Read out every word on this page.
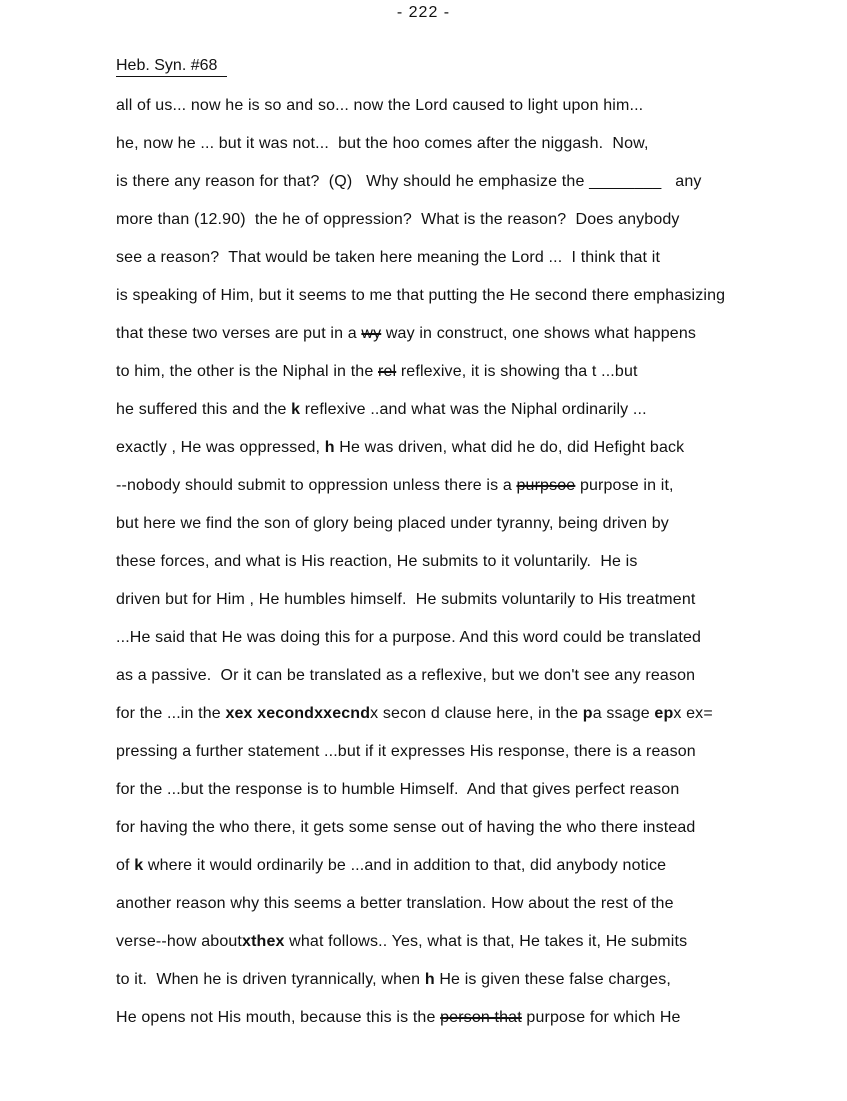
- 222 -
Heb. Syn. #68
all of us... now he is so and so... now the Lord caused to light upon him...
he, now he ... but it was not...  but the hoo comes after the niggash.  Now,
is there any reason for that?  (Q)   Why should he emphasize the ________   any
more than (12.90)  the he of oppression?  What is the reason?  Does anybody
see a reason?  That would be taken here meaning the Lord ...  I think that it
is speaking of Him, but it seems to me that putting the He second there emphasizing
that these two verses are put in a wy way in construct, one shows what happens
to him, the other is the Niphal in the rel reflexive, it is showing tha t ...but
he suffered this and the k reflexive ..and what was the Niphal ordinarily ...
exactly , He was oppressed, h He was driven, what did he do, did Hefight back
--nobody should submit to oppression unless there is a purpsoe purpose in it,
but here we find the son of glory being placed under tyranny, being driven by
these forces, and what is His reaction, He submits to it voluntarily.  He is
driven but for Him , He humbles himself.  He submits voluntarily to His treatment
...He said that He was doing this for a purpose. And this word could be translated
as a passive.  Or it can be translated as a reflexive, but we don't see any reason
for the ...in the xex xecondxxecndx secon d clause here, in the pa ssage epx ex=
pressing a further statement ...but if it expresses His response, there is a reason
for the ...but the response is to humble Himself.  And that gives perfect reason
for having the who there, it gets some sense out of having the who there instead
of k where it would ordinarily be ...and in addition to that, did anybody notice
another reason why this seems a better translation. How about the rest of the
verse--how aboutxthex what follows.. Yes, what is that, He takes it, He submits
to it.  When he is driven tyrannically, when h He is given these false charges,
He opens not His mouth, because this is the person that purpose for which He
